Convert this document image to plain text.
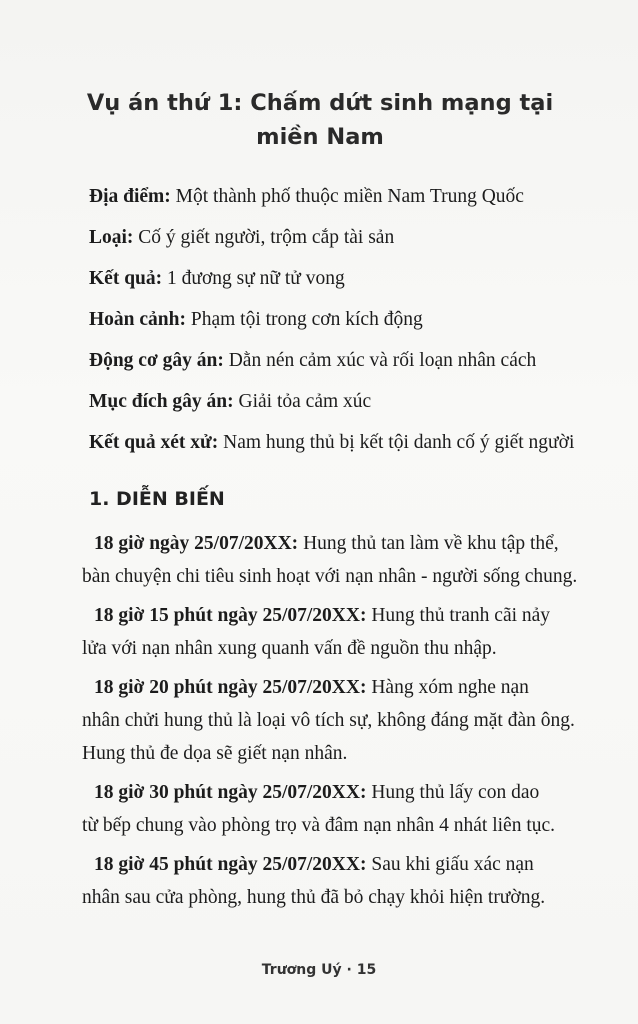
Vụ án thứ 1: Chấm dứt sinh mạng tại
miền Nam
Địa điểm: Một thành phố thuộc miền Nam Trung Quốc
Loại: Cố ý giết người, trộm cắp tài sản
Kết quả: 1 đương sự nữ tử vong
Hoàn cảnh: Phạm tội trong cơn kích động
Động cơ gây án: Dằn nén cảm xúc và rối loạn nhân cách
Mục đích gây án: Giải tỏa cảm xúc
Kết quả xét xử: Nam hung thủ bị kết tội danh cố ý giết người
1. DIỄN BIẾN
18 giờ ngày 25/07/20XX: Hung thủ tan làm về khu tập thể,
bàn chuyện chi tiêu sinh hoạt với nạn nhân - người sống chung.
18 giờ 15 phút ngày 25/07/20XX: Hung thủ tranh cãi nảy
lửa với nạn nhân xung quanh vấn đề nguồn thu nhập.
18 giờ 20 phút ngày 25/07/20XX: Hàng xóm nghe nạn
nhân chửi hung thủ là loại vô tích sự, không đáng mặt đàn ông.
Hung thủ đe dọa sẽ giết nạn nhân.
18 giờ 30 phút ngày 25/07/20XX: Hung thủ lấy con dao
từ bếp chung vào phòng trọ và đâm nạn nhân 4 nhát liên tục.
18 giờ 45 phút ngày 25/07/20XX: Sau khi giấu xác nạn
nhân sau cửa phòng, hung thủ đã bỏ chạy khỏi hiện trường.
Trương Uý · 15
